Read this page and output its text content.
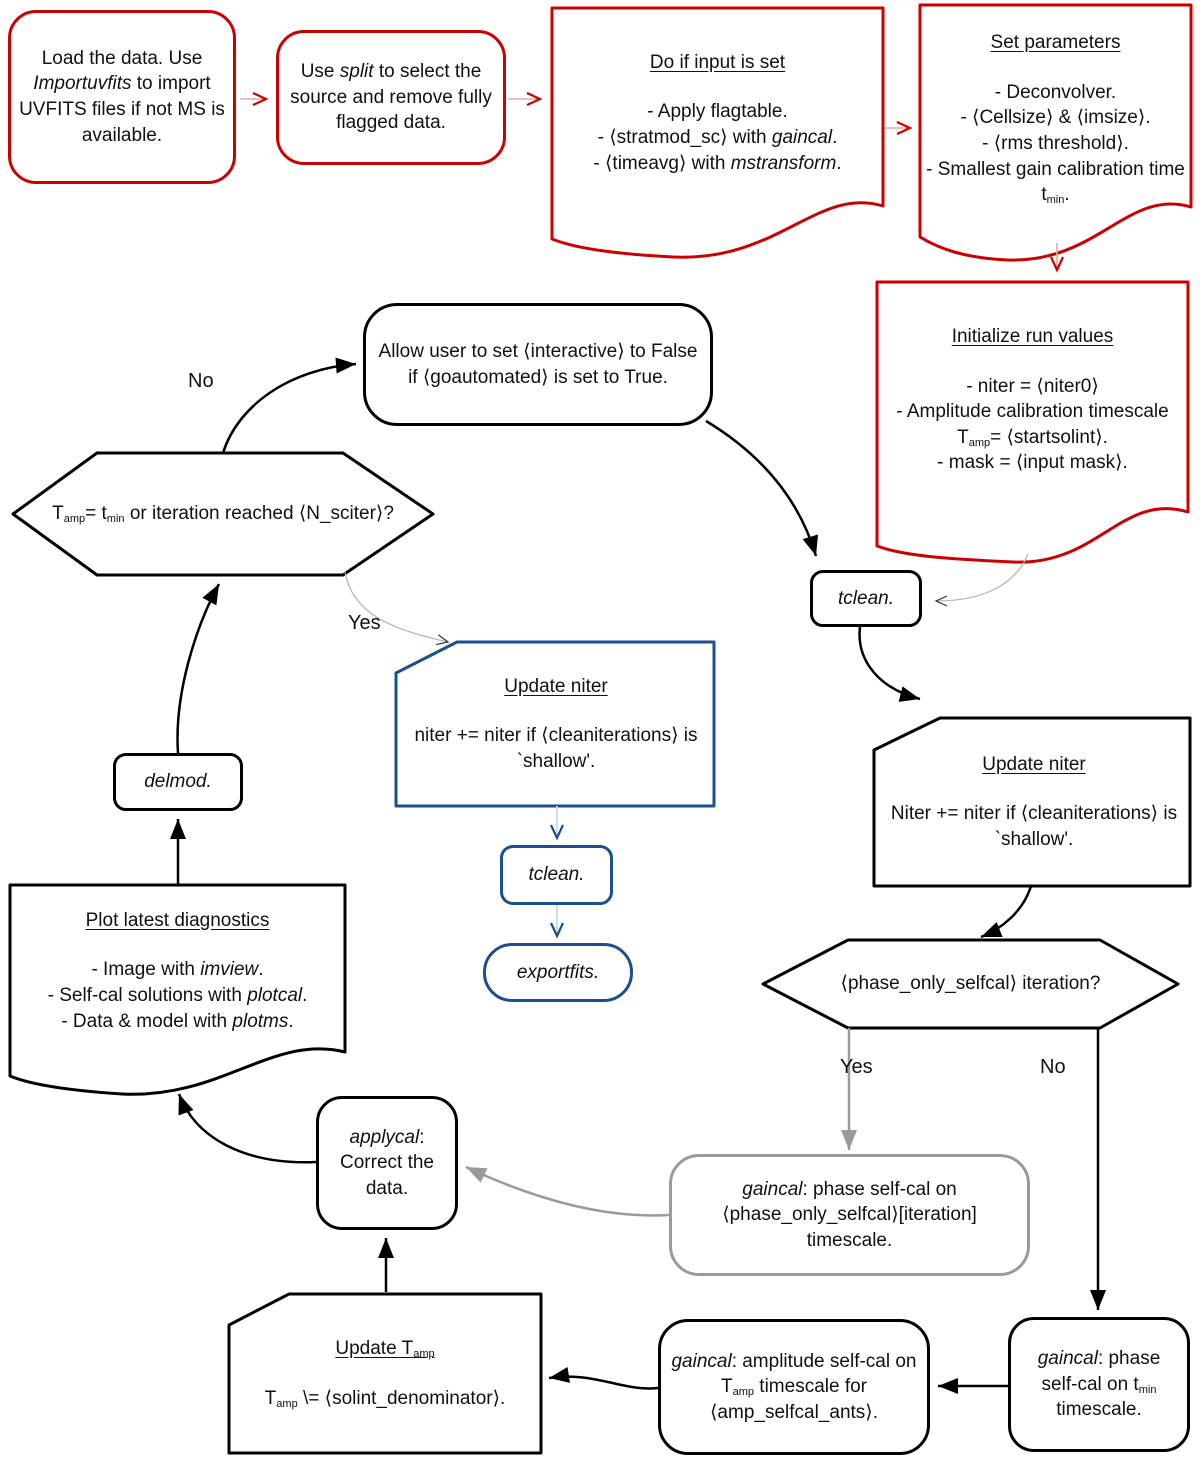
Load the data. Use Importuvfits to import UVFITS files if not MS is available.
Use split to select the source and remove fully flagged data.
Allow user to set ⟨interactive⟩ to False if ⟨goautomated⟩ is set to True.
tclean.
gaincal: phase self-cal on ⟨phase_only_selfcal⟩[iteration] timescale.
applycal: Correct the data.
delmod.
gaincal: amplitude self-cal on $T_{amp}$ timescale for ⟨amp_selfcal_ants⟩.
gaincal: phase self-cal on $t_{min}$ timescale.
tclean.
exportfits.
Do if input is set
- Apply flagtable.
- ⟨stratmod_sc⟩ with gaincal.
- ⟨timeavg⟩ with mstransform.
Set parameters
- Deconvolver.
- ⟨Cellsize⟩ & ⟨imsize⟩.
- ⟨rms threshold⟩.
- Smallest gain calibration time $t_{min}$.
Initialize run values
- niter = ⟨niter0⟩
- Amplitude calibration timescale $T_{amp}=$ ⟨startsolint⟩.
- mask = ⟨input mask⟩.
$T_{amp}= t_{min}$ or iteration reached ⟨N_sciter⟩?
Update niter
Niter += niter if ⟨cleaniterations⟩ is `shallow'.
⟨phase_only_selfcal⟩ iteration?
Update niter
niter += niter if ⟨cleaniterations⟩ is `shallow'.
Plot latest diagnostics
- Image with imview.
- Self-cal solutions with plotcal.
- Data & model with plotms.
Update $T_{amp}$
$T_{amp}$ \= ⟨solint_denominator⟩.
No
Yes
Yes	No
